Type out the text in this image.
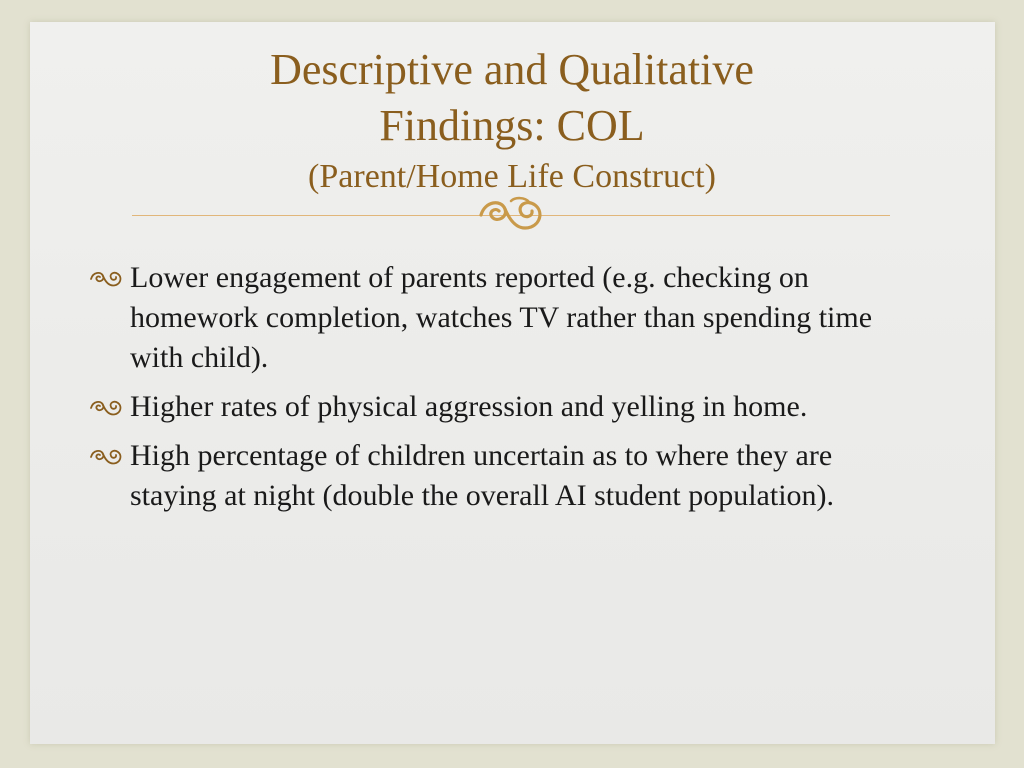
Descriptive and Qualitative
Findings: COL
(Parent/Home Life Construct)
Lower engagement of parents reported (e.g. checking on homework completion, watches TV rather than spending time with child).
Higher rates of physical aggression and yelling in home.
High percentage of children uncertain as to where they are staying at night (double the overall AI student population).
